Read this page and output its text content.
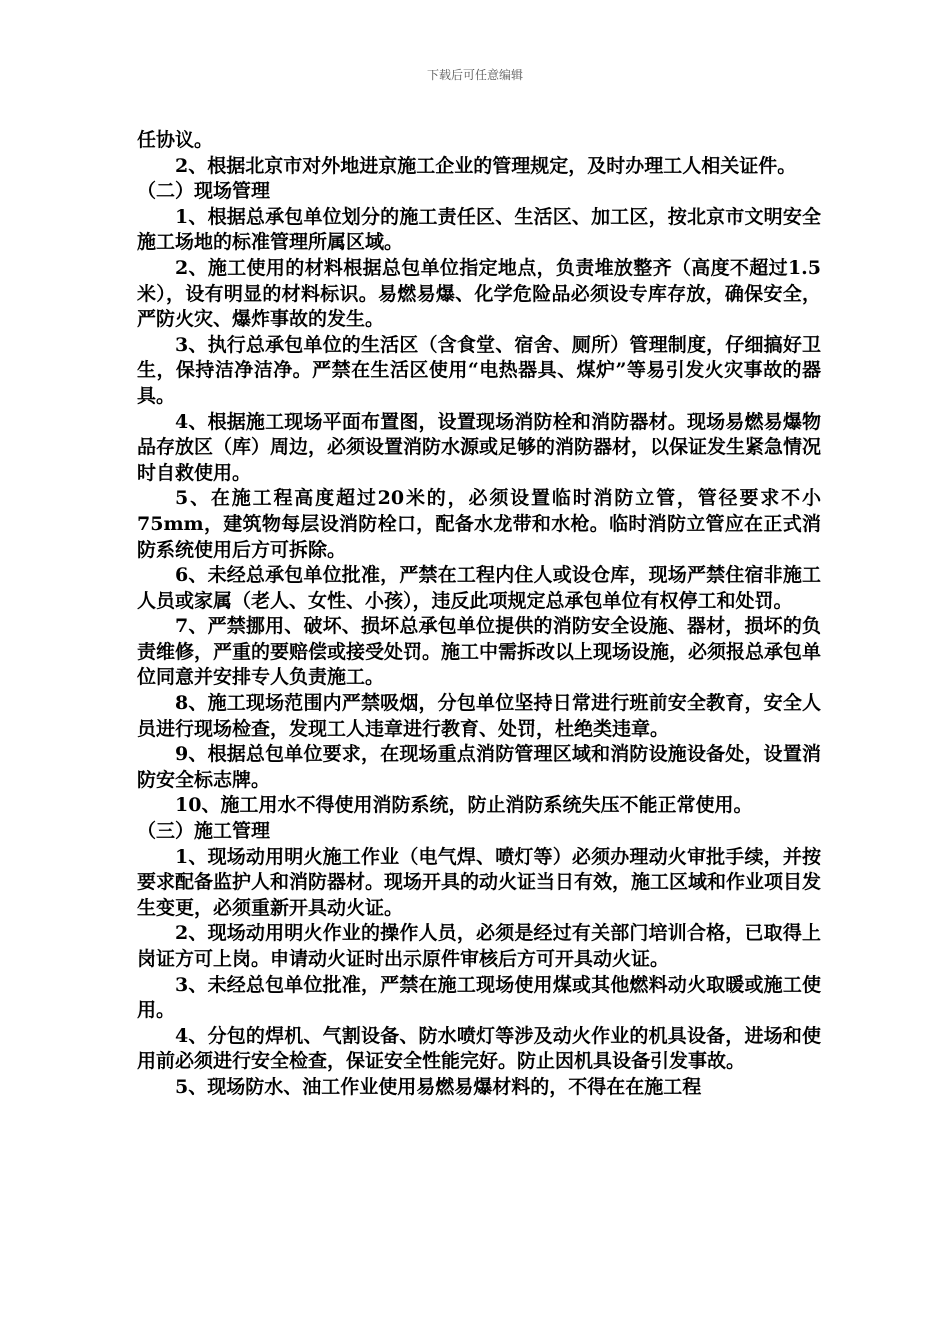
下载后可任意编辑

任协议。

2、根据北京市对外地进京施工企业的管理规定，及时办理工人相关证件。

（二）现场管理

1、根据总承包单位划分的施工责任区、生活区、加工区，按北京市文明安全施工场地的标准管理所属区域。

2、施工使用的材料根据总包单位指定地点，负责堆放整齐（高度不超过1.5米），设有明显的材料标识。易燃易爆、化学危险品必须设专库存放，确保安全，严防火灾、爆炸事故的发生。

3、执行总承包单位的生活区（含食堂、宿舍、厕所）管理制度，仔细搞好卫生，保持洁净洁净。严禁在生活区使用“电热器具、煤炉”等易引发火灾事故的器具。

4、根据施工现场平面布置图，设置现场消防栓和消防器材。现场易燃易爆物品存放区（库）周边，必须设置消防水源或足够的消防器材，以保证发生紧急情况时自救使用。

5、在施工程高度超过20米的，必须设置临时消防立管，管径要求不小75mm，建筑物每层设消防栓口，配备水龙带和水枪。临时消防立管应在正式消防系统使用后方可拆除。

6、未经总承包单位批准，严禁在工程内住人或设仓库，现场严禁住宿非施工人员或家属（老人、女性、小孩），违反此项规定总承包单位有权停工和处罚。

7、严禁挪用、破坏、损坏总承包单位提供的消防安全设施、器材，损坏的负责维修，严重的要赔偿或接受处罚。施工中需拆改以上现场设施，必须报总承包单位同意并安排专人负责施工。

8、施工现场范围内严禁吸烟，分包单位坚持日常进行班前安全教育，安全人员进行现场检查，发现工人违章进行教育、处罚，杜绝类违章。

9、根据总包单位要求，在现场重点消防管理区域和消防设施设备处，设置消防安全标志牌。

10、施工用水不得使用消防系统，防止消防系统失压不能正常使用。

（三）施工管理

1、现场动用明火施工作业（电气焊、喷灯等）必须办理动火审批手续，并按要求配备监护人和消防器材。现场开具的动火证当日有效，施工区域和作业项目发生变更，必须重新开具动火证。

2、现场动用明火作业的操作人员，必须是经过有关部门培训合格，已取得上岗证方可上岗。申请动火证时出示原件审核后方可开具动火证。

3、未经总包单位批准，严禁在施工现场使用煤或其他燃料动火取暖或施工使用。

4、分包的焊机、气割设备、防水喷灯等涉及动火作业的机具设备，进场和使用前必须进行安全检查，保证安全性能完好。防止因机具设备引发事故。

5、现场防水、油工作业使用易燃易爆材料的，不得在在施工程
